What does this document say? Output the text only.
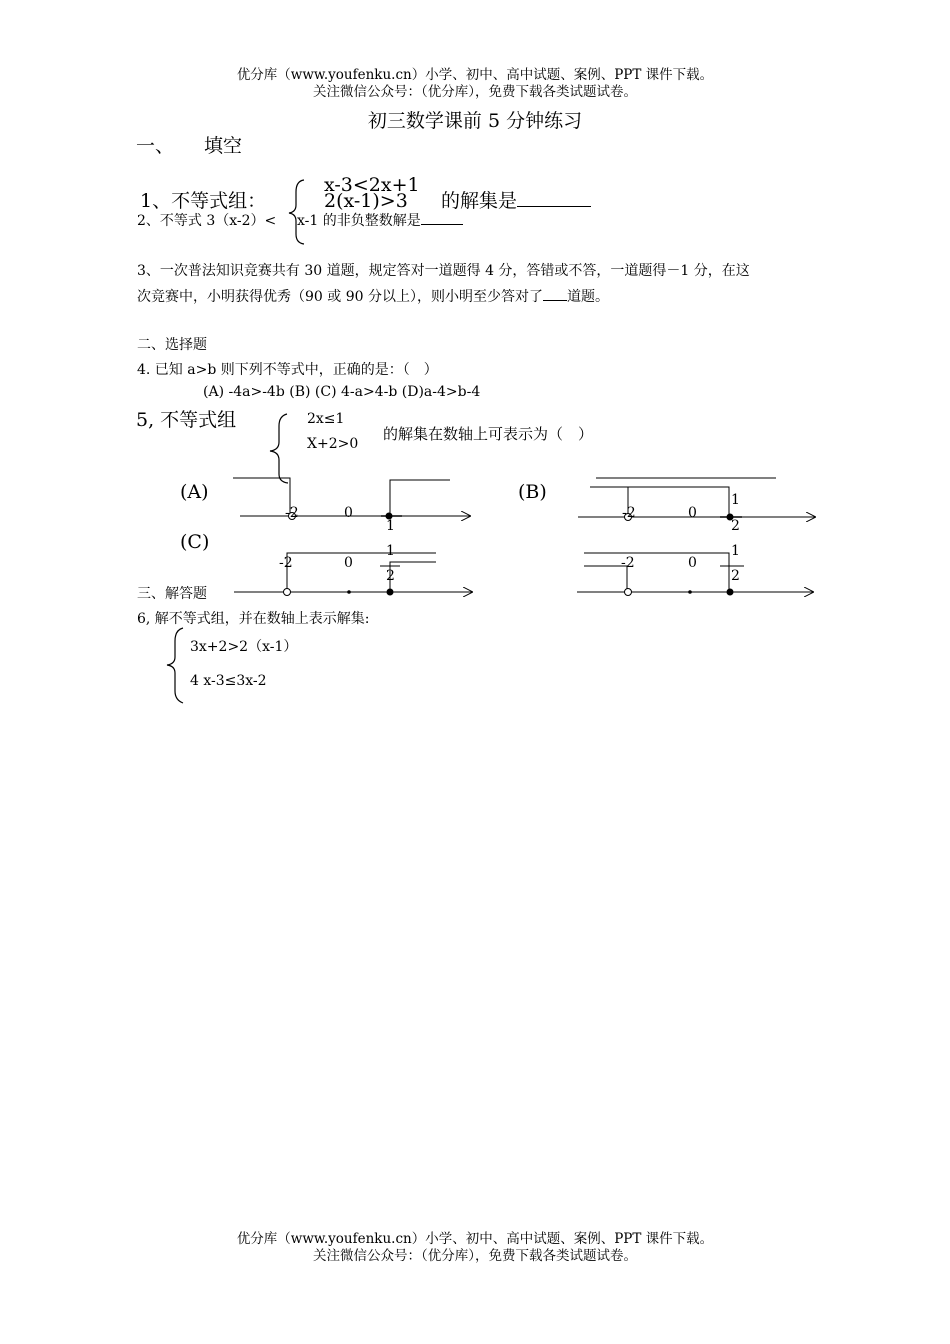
优分库（www.youfenku.cn）小学、初中、高中试题、案例、PPT 课件下载。
关注微信公众号：（优分库），免费下载各类试题试卷。
初三数学课前 5 分钟练习
一、 填空
1、不等式组：
x-3<2x+1
2(x-1)>3 的解集是
2、不等式 3（x-2）< x-1 的非负整数解是
3、一次普法知识竞赛共有 30 道题，规定答对一道题得 4 分，答错或不答，一道题得－1 分，在这
次竞赛中，小明获得优秀（90 或 90 分以上），则小明至少答对了 道题。
二、选择题
4. 已知 a>b 则下列不等式中，正确的是：（　）
(A) -4a>-4b (B) (C) 4-a>4-b (D)a-4>b-4
5, 不等式组	2x≤1
X+2>0
的解集在数轴上可表示为（　）
(A)	(B)
(C)
三、解答题
6, 解不等式组，并在数轴上表示解集:
3x+2>2（x-1）
4 x-3≤3x-2
-2	0
1
-2	0
1
2
-2	0
1
2
-2	0
1
2
优分库（www.youfenku.cn）小学、初中、高中试题、案例、PPT 课件下载。
关注微信公众号：（优分库），免费下载各类试题试卷。
